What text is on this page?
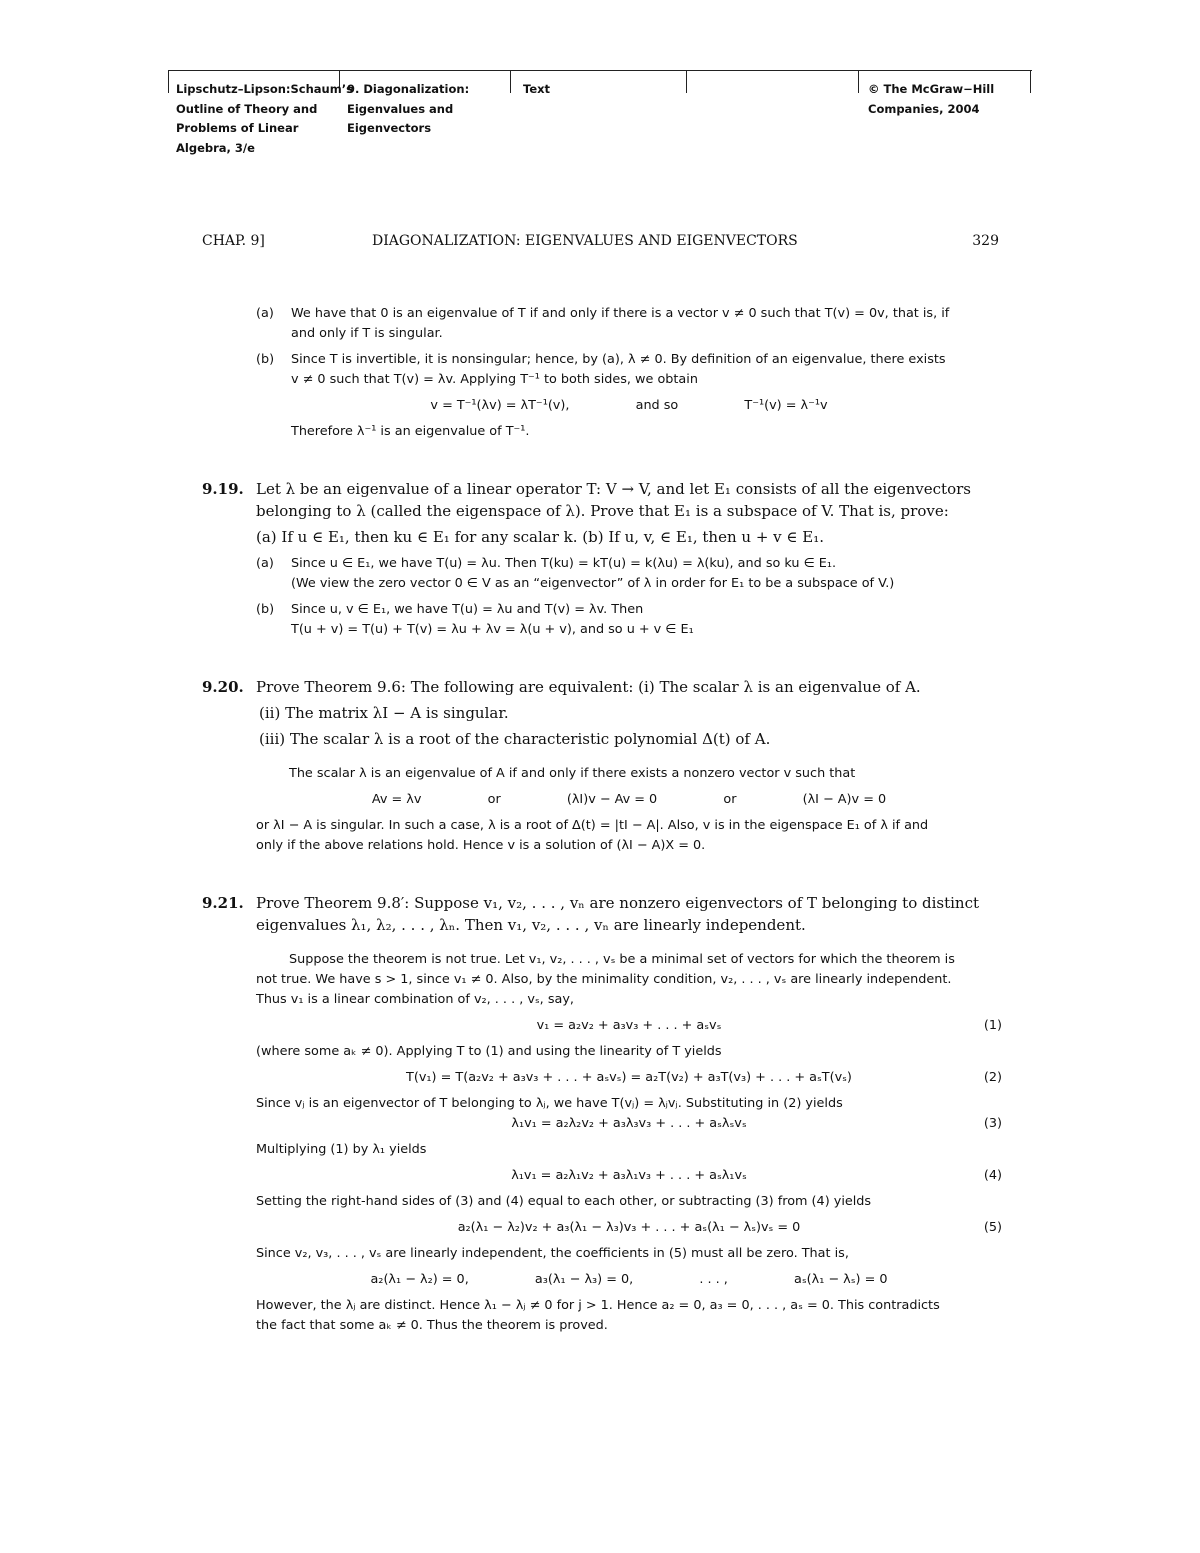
Lipschutz–Lipson:Schaum’s
Outline of Theory and
Problems of Linear
Algebra, 3/e
9. Diagonalization:
Eigenvalues and
Eigenvectors
Text	© The McGraw−Hill
Companies, 2004
CHAP. 9]	DIAGONALIZATION: EIGENVALUES AND EIGENVECTORS	329
(a)	We have that 0 is an eigenvalue of T if and only if there is a vector v ≠ 0 such that T(v) = 0v, that is, if
and only if T is singular.
(b)	Since T is invertible, it is nonsingular; hence, by (a), λ ≠ 0. By definition of an eigenvalue, there exists
v ≠ 0 such that T(v) = λv. Applying T⁻¹ to both sides, we obtain
v = T⁻¹(λv) = λT⁻¹(v),	and so	T⁻¹(v) = λ⁻¹v
Therefore λ⁻¹ is an eigenvalue of T⁻¹.
9.19. Let λ be an eigenvalue of a linear operator T: V → V, and let E₁ consists of all the eigenvectors
belonging to λ (called the eigenspace of λ). Prove that E₁ is a subspace of V. That is, prove:
(a) If u ∈ E₁, then ku ∈ E₁ for any scalar k. (b) If u, v, ∈ E₁, then u + v ∈ E₁.
(a)	Since u ∈ E₁, we have T(u) = λu. Then T(ku) = kT(u) = k(λu) = λ(ku), and so ku ∈ E₁.
(We view the zero vector 0 ∈ V as an “eigenvector” of λ in order for E₁ to be a subspace of V.)
(b)	Since u, v ∈ E₁, we have T(u) = λu and T(v) = λv. Then
T(u + v) = T(u) + T(v) = λu + λv = λ(u + v), and so u + v ∈ E₁
9.20. Prove Theorem 9.6: The following are equivalent: (i) The scalar λ is an eigenvalue of A.
(ii) The matrix λI − A is singular.
(iii) The scalar λ is a root of the characteristic polynomial Δ(t) of A.
The scalar λ is an eigenvalue of A if and only if there exists a nonzero vector v such that
Av = λv	or	(λI)v − Av = 0	or	(λI − A)v = 0
or λI − A is singular. In such a case, λ is a root of Δ(t) = |tI − A|. Also, v is in the eigenspace E₁ of λ if and
only if the above relations hold. Hence v is a solution of (λI − A)X = 0.
9.21. Prove Theorem 9.8′: Suppose v₁, v₂, . . . , vₙ are nonzero eigenvectors of T belonging to distinct
eigenvalues λ₁, λ₂, . . . , λₙ. Then v₁, v₂, . . . , vₙ are linearly independent.
Suppose the theorem is not true. Let v₁, v₂, . . . , vₛ be a minimal set of vectors for which the theorem is
not true. We have s > 1, since v₁ ≠ 0. Also, by the minimality condition, v₂, . . . , vₛ are linearly independent.
Thus v₁ is a linear combination of v₂, . . . , vₛ, say,
v₁ = a₂v₂ + a₃v₃ + . . . + aₛvₛ	(1)
(where some aₖ ≠ 0). Applying T to (1) and using the linearity of T yields
T(v₁) = T(a₂v₂ + a₃v₃ + . . . + aₛvₛ) = a₂T(v₂) + a₃T(v₃) + . . . + aₛT(vₛ)	(2)
Since vⱼ is an eigenvector of T belonging to λⱼ, we have T(vⱼ) = λⱼvⱼ. Substituting in (2) yields
λ₁v₁ = a₂λ₂v₂ + a₃λ₃v₃ + . . . + aₛλₛvₛ	(3)
Multiplying (1) by λ₁ yields
λ₁v₁ = a₂λ₁v₂ + a₃λ₁v₃ + . . . + aₛλ₁vₛ	(4)
Setting the right-hand sides of (3) and (4) equal to each other, or subtracting (3) from (4) yields
a₂(λ₁ − λ₂)v₂ + a₃(λ₁ − λ₃)v₃ + . . . + aₛ(λ₁ − λₛ)vₛ = 0	(5)
Since v₂, v₃, . . . , vₛ are linearly independent, the coefficients in (5) must all be zero. That is,
a₂(λ₁ − λ₂) = 0,	a₃(λ₁ − λ₃) = 0,	. . . ,	aₛ(λ₁ − λₛ) = 0
However, the λⱼ are distinct. Hence λ₁ − λⱼ ≠ 0 for j > 1. Hence a₂ = 0, a₃ = 0, . . . , aₛ = 0. This contradicts
the fact that some aₖ ≠ 0. Thus the theorem is proved.
